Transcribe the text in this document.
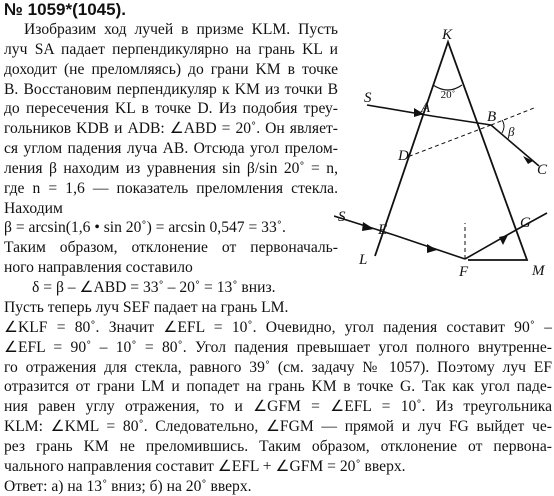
№ 1059*(1045).
Изобразим ход лучей в призме KLM. Пусть
луч SA падает перпендикулярно на грань KL и
доходит (не преломляясь) до грани KM в точке
B. Восстановим перпендикуляр к KM из точки B
до пересечения KL в точке D. Из подобия треу-
гольников KDB и ADB: ∠ABD = 20˚. Он являет-
ся углом падения луча AB. Отсюда угол прелом-
ления β находим из уравнения sin β/sin 20˚ = n,
где n = 1,6 — показатель преломления стекла.
Находим
β = arcsin(1,6 • sin 20˚) = arcsin 0,547 = 33˚.
Таким образом, отклонение от первоначаль-
ного направления составило
δ = β – ∠ABD = 33˚ – 20˚ = 13˚ вниз.
K
L
M
S
S
A
B
C
D
E
F
G
β
20˚
Пусть теперь луч SEF падает на грань LM.
∠KLF = 80˚. Значит ∠EFL = 10˚. Очевидно, угол падения составит 90˚ –
∠EFL = 90˚ – 10˚ = 80˚. Угол падения превышает угол полного внутренне-
го отражения для стекла, равного 39˚ (см. задачу № 1057). Поэтому луч EF
отразится от грани LM и попадет на грань KM в точке G. Так как угол паде-
ния равен углу отражения, то и ∠GFM = ∠EFL = 10˚. Из треугольника
KLM: ∠KML = 80˚. Следовательно, ∠FGM — прямой и луч FG выйдет че-
рез грань KM не преломившись. Таким образом, отклонение от первона-
чального направления составит ∠EFL + ∠GFM = 20˚ вверх.
Ответ: а) на 13˚ вниз; б) на 20˚ вверх.
